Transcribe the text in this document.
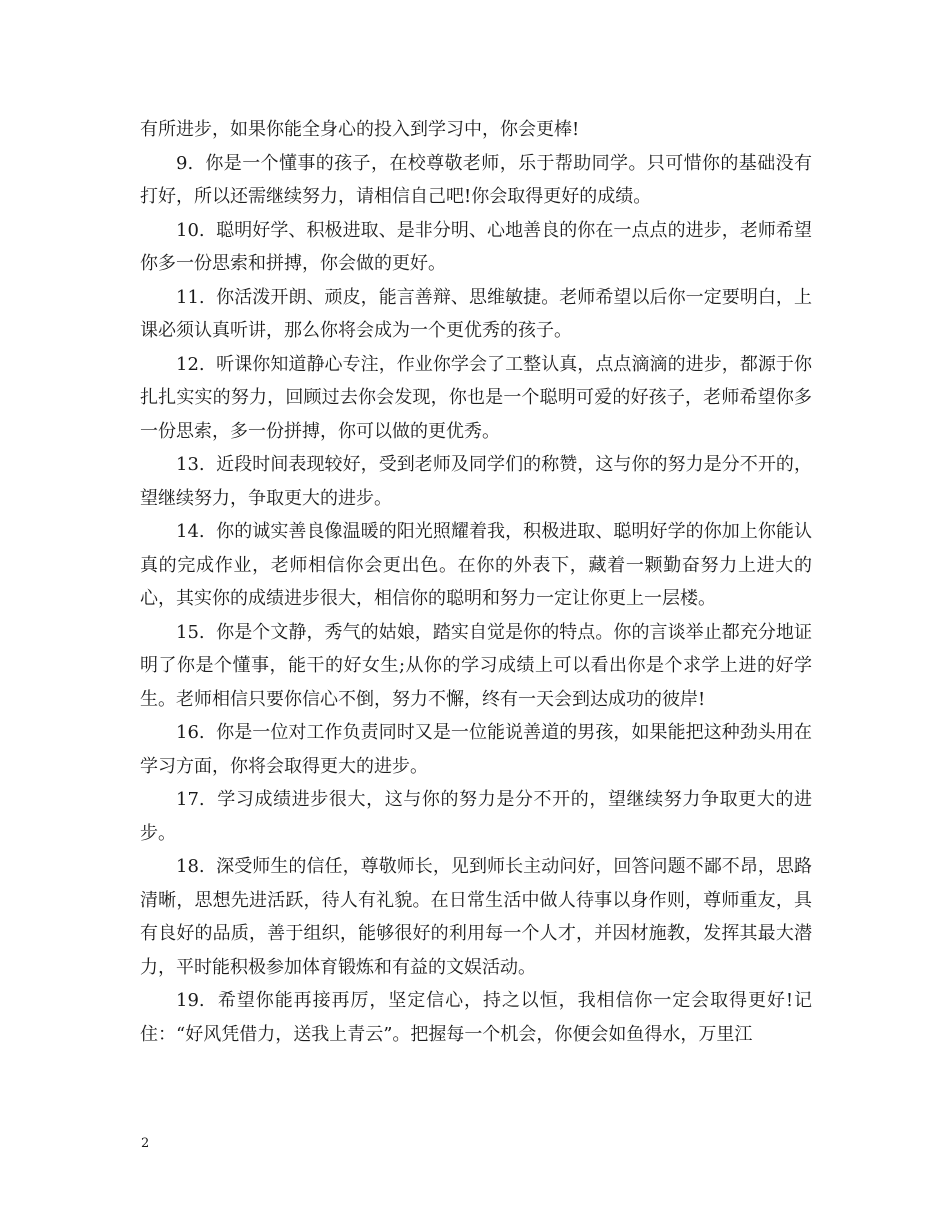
有所进步，如果你能全身心的投入到学习中，你会更棒!

9.  你是一个懂事的孩子，在校尊敬老师，乐于帮助同学。只可惜你的基础没有打好，所以还需继续努力，请相信自己吧!你会取得更好的成绩。

10.  聪明好学、积极进取、是非分明、心地善良的你在一点点的进步，老师希望你多一份思索和拼搏，你会做的更好。

11.  你活泼开朗、顽皮，能言善辩、思维敏捷。老师希望以后你一定要明白，上课必须认真听讲，那么你将会成为一个更优秀的孩子。

12.  听课你知道静心专注，作业你学会了工整认真，点点滴滴的进步，都源于你扎扎实实的努力，回顾过去你会发现，你也是一个聪明可爱的好孩子，老师希望你多一份思索，多一份拼搏，你可以做的更优秀。

13.  近段时间表现较好，受到老师及同学们的称赞，这与你的努力是分不开的，望继续努力，争取更大的进步。

14.  你的诚实善良像温暖的阳光照耀着我，积极进取、聪明好学的你加上你能认真的完成作业，老师相信你会更出色。在你的外表下，藏着一颗勤奋努力上进大的心，其实你的成绩进步很大，相信你的聪明和努力一定让你更上一层楼。

15.  你是个文静，秀气的姑娘，踏实自觉是你的特点。你的言谈举止都充分地证明了你是个懂事，能干的好女生;从你的学习成绩上可以看出你是个求学上进的好学生。老师相信只要你信心不倒，努力不懈，终有一天会到达成功的彼岸!

16.  你是一位对工作负责同时又是一位能说善道的男孩，如果能把这种劲头用在学习方面，你将会取得更大的进步。

17.  学习成绩进步很大，这与你的努力是分不开的，望继续努力争取更大的进步。

18.  深受师生的信任，尊敬师长，见到师长主动问好，回答问题不鄙不昂，思路清晰，思想先进活跃，待人有礼貌。在日常生活中做人待事以身作则，尊师重友，具有良好的品质，善于组织，能够很好的利用每一个人才，并因材施教，发挥其最大潜力，平时能积极参加体育锻炼和有益的文娱活动。

19.  希望你能再接再厉，坚定信心，持之以恒，我相信你一定会取得更好!记住：“好风凭借力，送我上青云”。把握每一个机会，你便会如鱼得水，万里江

2
